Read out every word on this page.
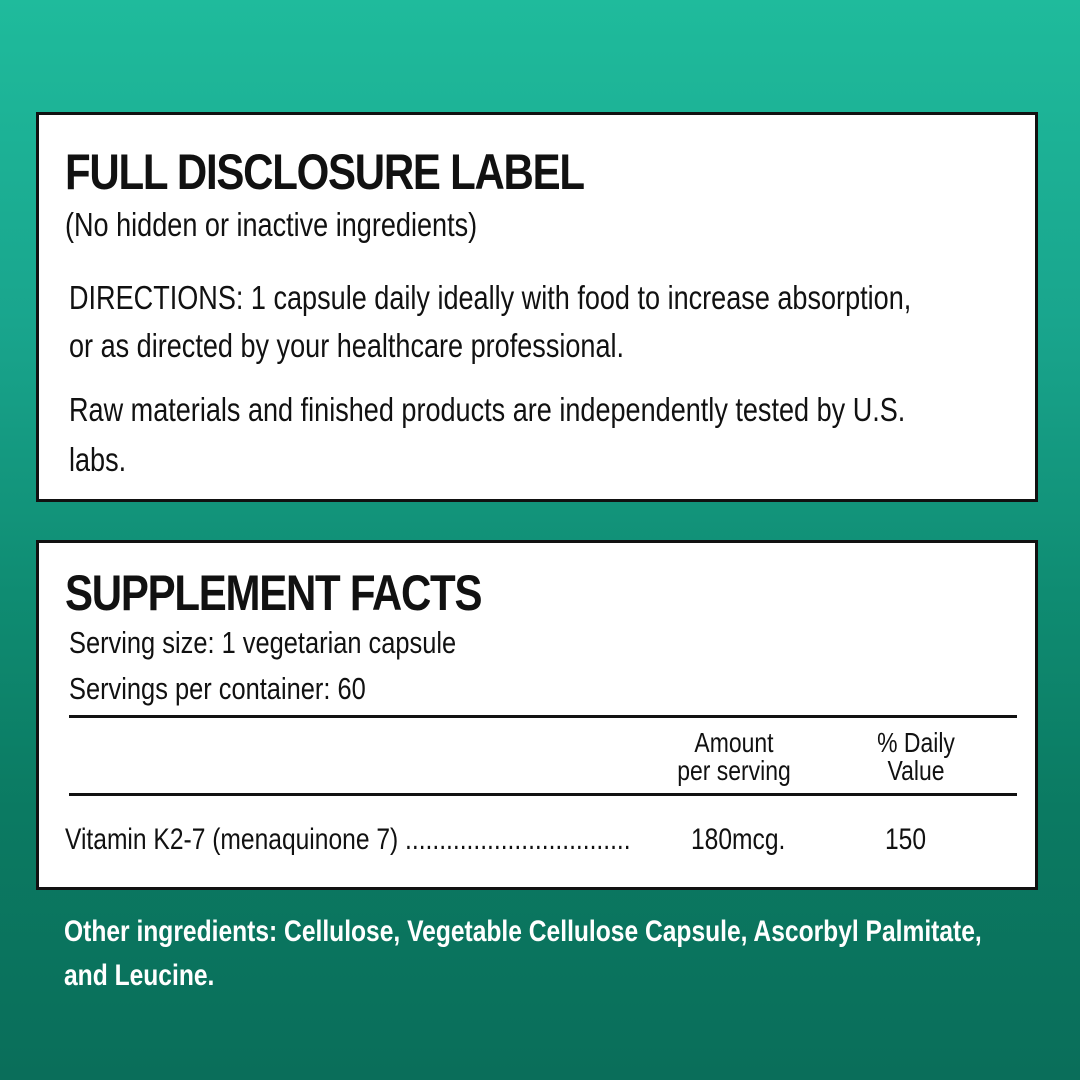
FULL DISCLOSURE LABEL
(No hidden or inactive ingredients)
DIRECTIONS: 1 capsule daily ideally with food to increase absorption,
or as directed by your healthcare professional.
Raw materials and finished products are independently tested by U.S.
labs.
SUPPLEMENT FACTS
Serving size: 1 vegetarian capsule
Servings per container: 60
Amount
per serving
% Daily
Value
Vitamin K2-7 (menaquinone 7) ................................. 180mcg.	150
Other ingredients: Cellulose, Vegetable Cellulose Capsule, Ascorbyl Palmitate,
and Leucine.
